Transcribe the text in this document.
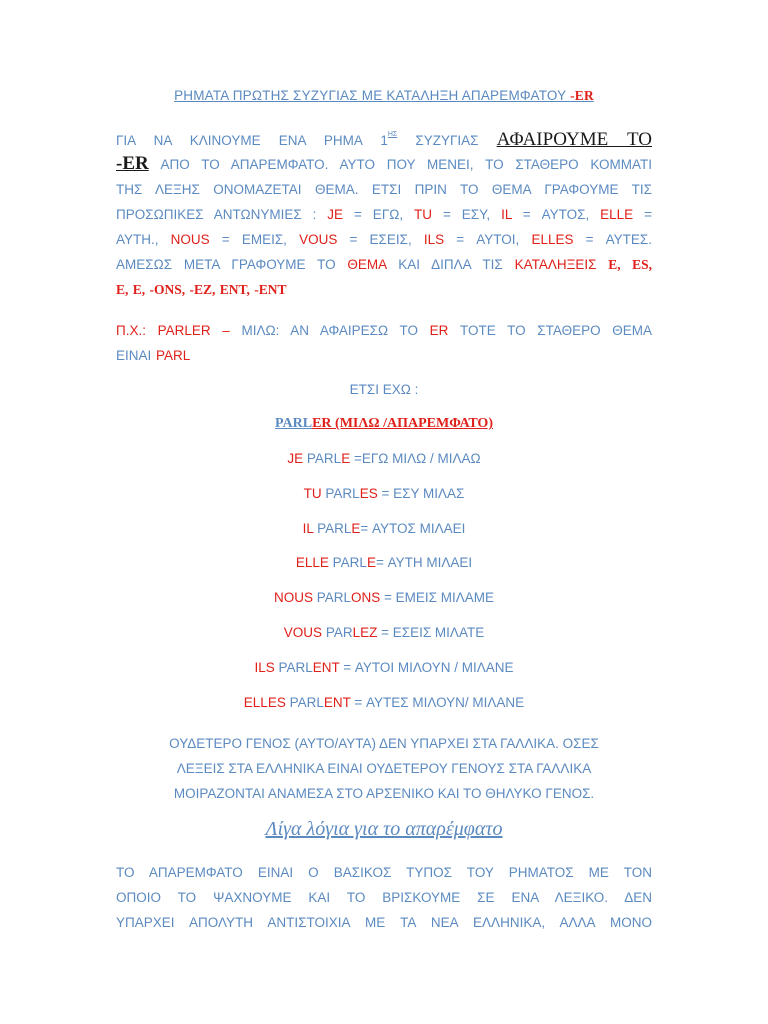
ΡΗΜΑΤΑ ΠΡΩΤΗΣ ΣΥΖΥΓΙΑΣ ΜΕ ΚΑΤΑΛΗΞΗ ΑΠΑΡΕΜΦΑΤΟΥ -ER
ΓΙΑ ΝΑ ΚΛΙΝΟΥΜΕ ΕΝΑ ΡΗΜΑ $1^{H\Sigma}$ ΣΥΖΥΓΙΑΣ ΑΦΑΙΡΟΥΜΕ ΤΟ
-ER ΑΠΟ ΤΟ ΑΠΑΡΕΜΦΑΤΟ. ΑΥΤΟ ΠΟΥ ΜΕΝΕΙ, ΤΟ ΣΤΑΘΕΡΟ ΚΟΜΜΑΤΙ
ΤΗΣ ΛΕΞΗΣ ΟΝΟΜΑΖΕΤΑΙ ΘΕΜΑ. ΕΤΣΙ ΠΡΙΝ ΤΟ ΘΕΜΑ ΓΡΑΦΟΥΜΕ ΤΙΣ
ΠΡΟΣΩΠΙΚΕΣ ΑΝΤΩΝΥΜΙΕΣ : JE = ΕΓΩ, TU = ΕΣΥ, IL = ΑΥΤΟΣ, ELLE =
ΑΥΤΗ., NOUS = ΕΜΕΙΣ, VOUS = ΕΣΕΙΣ, ILS = ΑΥΤΟΙ, ELLES = ΑΥΤΕΣ.
ΑΜΕΣΩΣ ΜΕΤΑ ΓΡΑΦΟΥΜΕ ΤΟ ΘΕΜΑ ΚΑΙ ΔΙΠΛΑ ΤΙΣ ΚΑΤΑΛΗΞΕΙΣ E, ES,
E, E, -ONS, -EZ, ENT, -ENT
Π.Χ.: PARLER – ΜΙΛΩ: ΑΝ ΑΦΑΙΡΕΣΩ ΤΟ ER ΤΟΤΕ ΤΟ ΣΤΑΘΕΡΟ ΘΕΜΑ
ΕΙΝΑΙ PARL
ΕΤΣΙ ΕΧΩ :
PARLER (ΜΙΛΩ /ΑΠΑΡΕΜΦΑΤΟ)
JE PARLE =ΕΓΩ ΜΙΛΩ / ΜΙΛΑΩ
TU PARLES = ΕΣΥ ΜΙΛΑΣ
IL PARLE= ΑΥΤΟΣ ΜΙΛΑΕΙ
ELLE PARLE= ΑΥΤΗ ΜΙΛΑΕΙ
NOUS PARLONS = ΕΜΕΙΣ ΜΙΛΑΜΕ
VOUS PARLEZ = ΕΣΕΙΣ ΜΙΛΑΤΕ
ILS PARLENT = ΑΥΤΟΙ ΜΙΛΟΥΝ / ΜΙΛΑΝΕ
ELLES PARLENT = ΑΥΤΕΣ ΜΙΛΟΥΝ/ ΜΙΛΑΝΕ
ΟΥΔΕΤΕΡΟ ΓΕΝΟΣ (ΑΥΤΟ/ΑΥΤΑ) ΔΕΝ ΥΠΑΡΧΕΙ ΣΤΑ ΓΑΛΛΙΚΑ. ΟΣΕΣ
ΛΕΞΕΙΣ ΣΤΑ ΕΛΛΗΝΙΚΑ ΕΙΝΑΙ ΟΥΔΕΤΕΡΟΥ ΓΕΝΟΥΣ ΣΤΑ ΓΑΛΛΙΚΑ
ΜΟΙΡΑΖΟΝΤΑΙ ΑΝΑΜΕΣΑ ΣΤΟ ΑΡΣΕΝΙΚΟ ΚΑΙ ΤΟ ΘΗΛΥΚΟ ΓΕΝΟΣ.
Λίγα λόγια για το απαρέμφατο
ΤΟ ΑΠΑΡΕΜΦΑΤΟ ΕΙΝΑΙ Ο ΒΑΣΙΚΟΣ ΤΥΠΟΣ ΤΟΥ ΡΗΜΑΤΟΣ ΜΕ ΤΟΝ
ΟΠΟΙΟ ΤΟ ΨΑΧΝΟΥΜΕ ΚΑΙ ΤΟ ΒΡΙΣΚΟΥΜΕ ΣΕ ΕΝΑ ΛΕΞΙΚΟ. ΔΕΝ
ΥΠΑΡΧΕΙ ΑΠΟΛΥΤΗ ΑΝΤΙΣΤΟΙΧΙΑ ΜΕ ΤΑ ΝΕΑ ΕΛΛΗΝΙΚΑ, ΑΛΛΑ ΜΟΝΟ
